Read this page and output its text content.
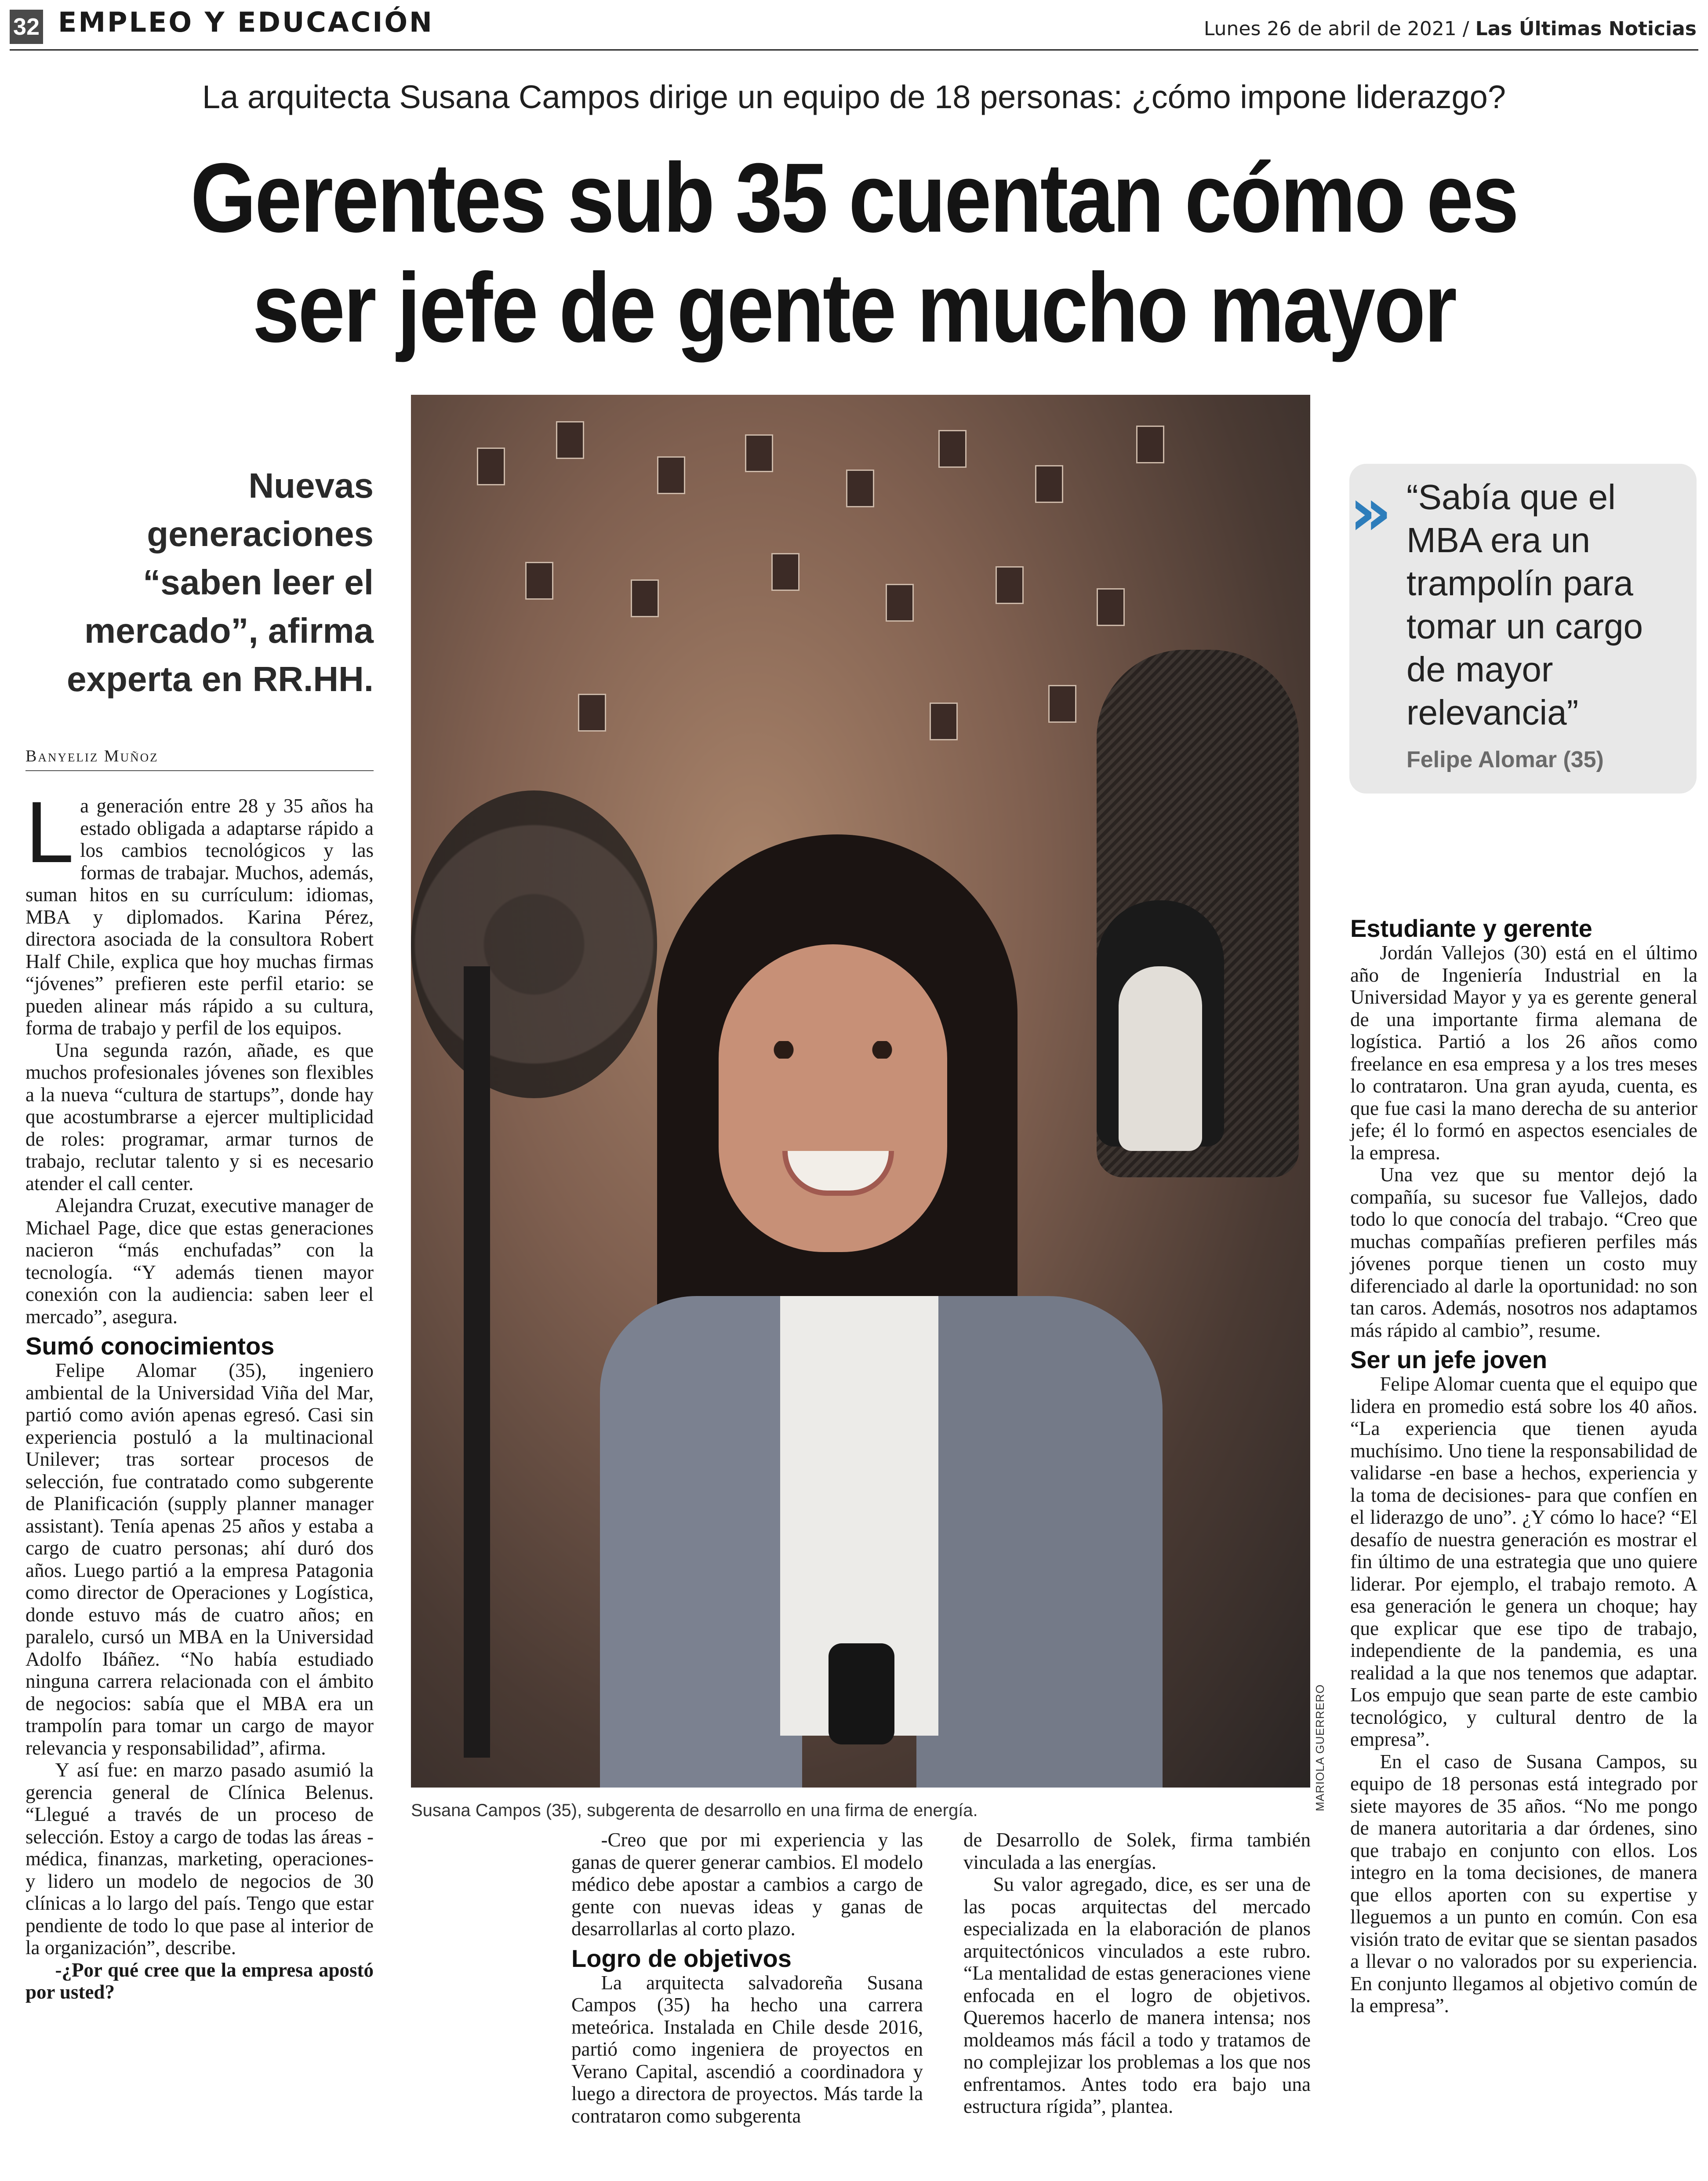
32 EMPLEO Y EDUCACIÓN	Lunes 26 de abril de 2021 / Las Últimas Noticias
La arquitecta Susana Campos dirige un equipo de 18 personas: ¿cómo impone liderazgo?
Gerentes sub 35 cuentan cómo es
ser jefe de gente mucho mayor
Nuevas generaciones
“saben leer el
mercado”, afirma
experta en RR.HH.
Banyeliz Muñoz
MARIOLA GUERRERO
Susana Campos (35), subgerenta de desarrollo en una firma de energía.
» “Sabía que el MBA era un trampolín para tomar un cargo de mayor relevancia”
Felipe Alomar (35)

La generación entre 28 y 35 años ha estado obligada a adaptarse rápido a los cambios tecnológicos y las formas de trabajar. Muchos, además, suman hitos en su currículum: idiomas, MBA y diplomados. Karina Pérez, directora asociada de la consultora Robert Half Chile, explica que hoy muchas firmas “jóvenes” prefieren este perfil etario: se pueden alinear más rápido a su cultura, forma de trabajo y perfil de los equipos.

Una segunda razón, añade, es que muchos profesionales jóvenes son flexibles a la nueva “cultura de startups”, donde hay que acostumbrarse a ejercer multiplicidad de roles: programar, armar turnos de trabajo, reclutar talento y si es necesario atender el call center.

Alejandra Cruzat, executive manager de Michael Page, dice que estas generaciones nacieron “más enchufadas” con la tecnología. “Y además tienen mayor conexión con la audiencia: saben leer el mercado”, asegura.

Sumó conocimientos

Felipe Alomar (35), ingeniero ambiental de la Universidad Viña del Mar, partió como avión apenas egresó. Casi sin experiencia postuló a la multinacional Unilever; tras sortear procesos de selección, fue contratado como subgerente de Planificación (supply planner manager assistant). Tenía apenas 25 años y estaba a cargo de cuatro personas; ahí duró dos años. Luego partió a la empresa Patagonia como director de Operaciones y Logística, donde estuvo más de cuatro años; en paralelo, cursó un MBA en la Universidad Adolfo Ibáñez. “No había estudiado ninguna carrera relacionada con el ámbito de negocios: sabía que el MBA era un trampolín para tomar un cargo de mayor relevancia y responsabilidad”, afirma.

Y así fue: en marzo pasado asumió la gerencia general de Clínica Belenus. “Llegué a través de un proceso de selección. Estoy a cargo de todas las áreas -médica, finanzas, marketing, operaciones- y lidero un modelo de negocios de 30 clínicas a lo largo del país. Tengo que estar pendiente de todo lo que pase al interior de la organización”, describe.

-¿Por qué cree que la empresa apostó por usted?

-Creo que por mi experiencia y las ganas de querer generar cambios. El modelo médico debe apostar a cambios a cargo de gente con nuevas ideas y ganas de desarrollarlas al corto plazo.

Logro de objetivos

La arquitecta salvadoreña Susana Campos (35) ha hecho una carrera meteórica. Instalada en Chile desde 2016, partió como ingeniera de proyectos en Verano Capital, ascendió a coordinadora y luego a directora de proyectos. Más tarde la contrataron como subgerenta

de Desarrollo de Solek, firma también vinculada a las energías.

Su valor agregado, dice, es ser una de las pocas arquitectas del mercado especializada en la elaboración de planos arquitectónicos vinculados a este rubro. “La mentalidad de estas generaciones viene enfocada en el logro de objetivos. Queremos hacerlo de manera intensa; nos moldeamos más fácil a todo y tratamos de no complejizar los problemas a los que nos enfrentamos. Antes todo era bajo una estructura rígida”, plantea.

Estudiante y gerente

Jordán Vallejos (30) está en el último año de Ingeniería Industrial en la Universidad Mayor y ya es gerente general de una importante firma alemana de logística. Partió a los 26 años como freelance en esa empresa y a los tres meses lo contrataron. Una gran ayuda, cuenta, es que fue casi la mano derecha de su anterior jefe; él lo formó en aspectos esenciales de la empresa.

Una vez que su mentor dejó la compañía, su sucesor fue Vallejos, dado todo lo que conocía del trabajo. “Creo que muchas compañías prefieren perfiles más jóvenes porque tienen un costo muy diferenciado al darle la oportunidad: no son tan caros. Además, nosotros nos adaptamos más rápido al cambio”, resume.

Ser un jefe joven

Felipe Alomar cuenta que el equipo que lidera en promedio está sobre los 40 años. “La experiencia que tienen ayuda muchísimo. Uno tiene la responsabilidad de validarse -en base a hechos, experiencia y la toma de decisiones- para que confíen en el liderazgo de uno”. ¿Y cómo lo hace? “El desafío de nuestra generación es mostrar el fin último de una estrategia que uno quiere liderar. Por ejemplo, el trabajo remoto. A esa generación le genera un choque; hay que explicar que ese tipo de trabajo, independiente de la pandemia, es una realidad a la que nos tenemos que adaptar. Los empujo que sean parte de este cambio tecnológico, y cultural dentro de la empresa”.

En el caso de Susana Campos, su equipo de 18 personas está integrado por siete mayores de 35 años. “No me pongo de manera autoritaria a dar órdenes, sino que trabajo en conjunto con ellos. Los integro en la toma decisiones, de manera que ellos aporten con su expertise y lleguemos a un punto en común. Con esa visión trato de evitar que se sientan pasados a llevar o no valorados por su experiencia. En conjunto llegamos al objetivo común de la empresa”.
